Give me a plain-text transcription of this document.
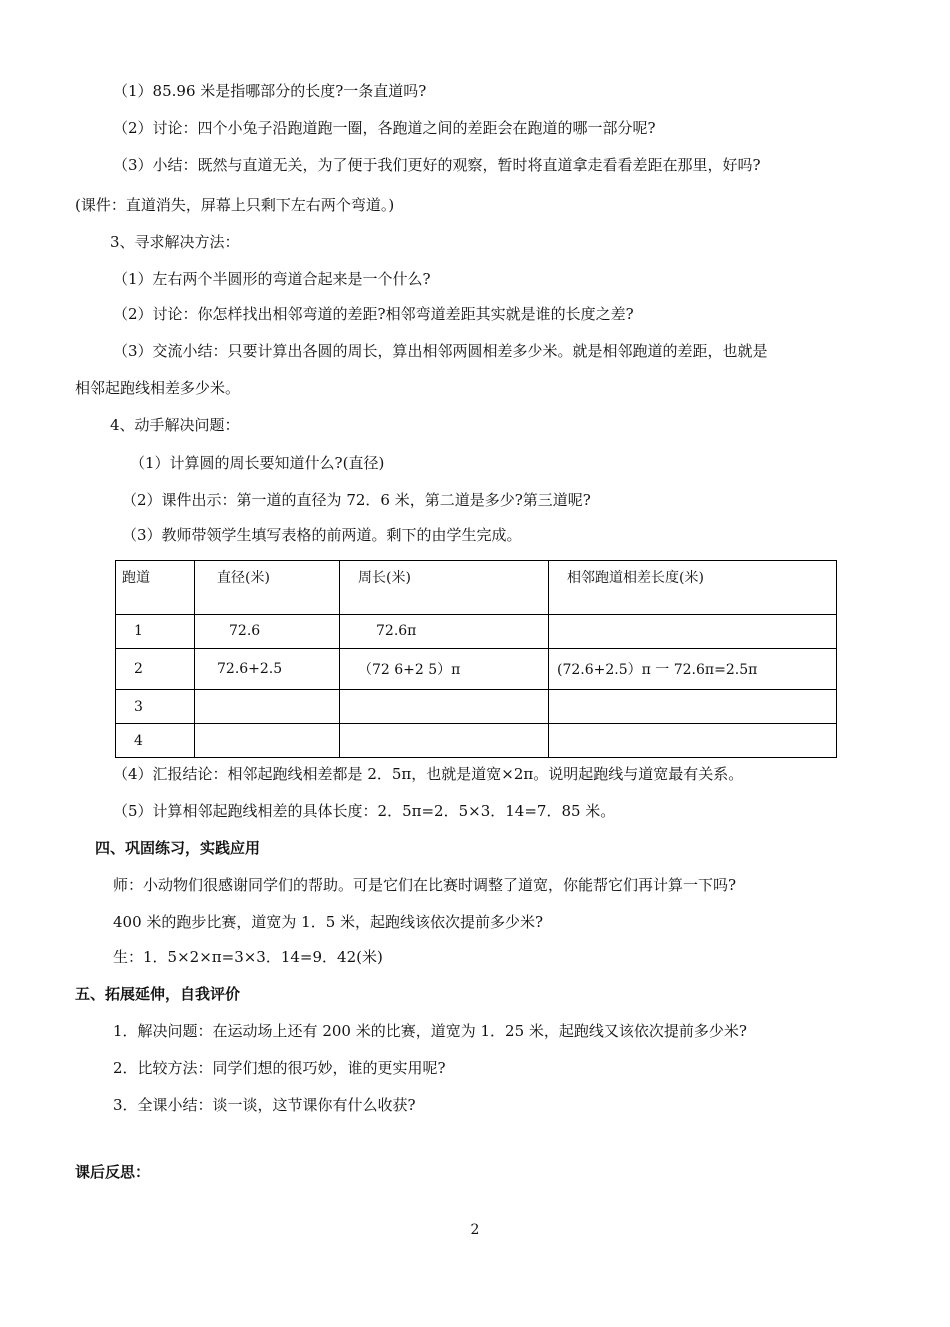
（1）85.96 米是指哪部分的长度?一条直道吗?
（2）讨论：四个小兔子沿跑道跑一圈，各跑道之间的差距会在跑道的哪一部分呢?
（3）小结：既然与直道无关，为了便于我们更好的观察，暂时将直道拿走看看差距在那里，好吗?
(课件：直道消失，屏幕上只剩下左右两个弯道。)
3、寻求解决方法：
（1）左右两个半圆形的弯道合起来是一个什么?
（2）讨论：你怎样找出相邻弯道的差距?相邻弯道差距其实就是谁的长度之差?
（3）交流小结：只要计算出各圆的周长，算出相邻两圆相差多少米。就是相邻跑道的差距，也就是
相邻起跑线相差多少米。
4、动手解决问题：
（1）计算圆的周长要知道什么?(直径)
（2）课件出示：第一道的直径为 72．6 米，第二道是多少?第三道呢?
（3）教师带领学生填写表格的前两道。剩下的由学生完成。
跑道	直径(米)	周长(米)	相邻跑道相差长度(米)
1	72.6	72.6π	
2	72.6+2.5	（72 6+2 5）π	(72.6+2.5）π 一 72.6π=2.5π
3			
4			
（4）汇报结论：相邻起跑线相差都是 2．5π，也就是道宽×2π。说明起跑线与道宽最有关系。
（5）计算相邻起跑线相差的具体长度：2．5π=2．5×3．14=7．85 米。
四、巩固练习，实践应用
师：小动物们很感谢同学们的帮助。可是它们在比赛时调整了道宽，你能帮它们再计算一下吗?
400 米的跑步比赛，道宽为 1．5 米，起跑线该依次提前多少米?
生：1．5×2×π=3×3．14=9．42(米)
五、拓展延伸，自我评价
1．解决问题：在运动场上还有 200 米的比赛，道宽为 1．25 米，起跑线又该依次提前多少米?
2．比较方法：同学们想的很巧妙，谁的更实用呢?
3．全课小结：谈一谈，这节课你有什么收获?
课后反思：
2
